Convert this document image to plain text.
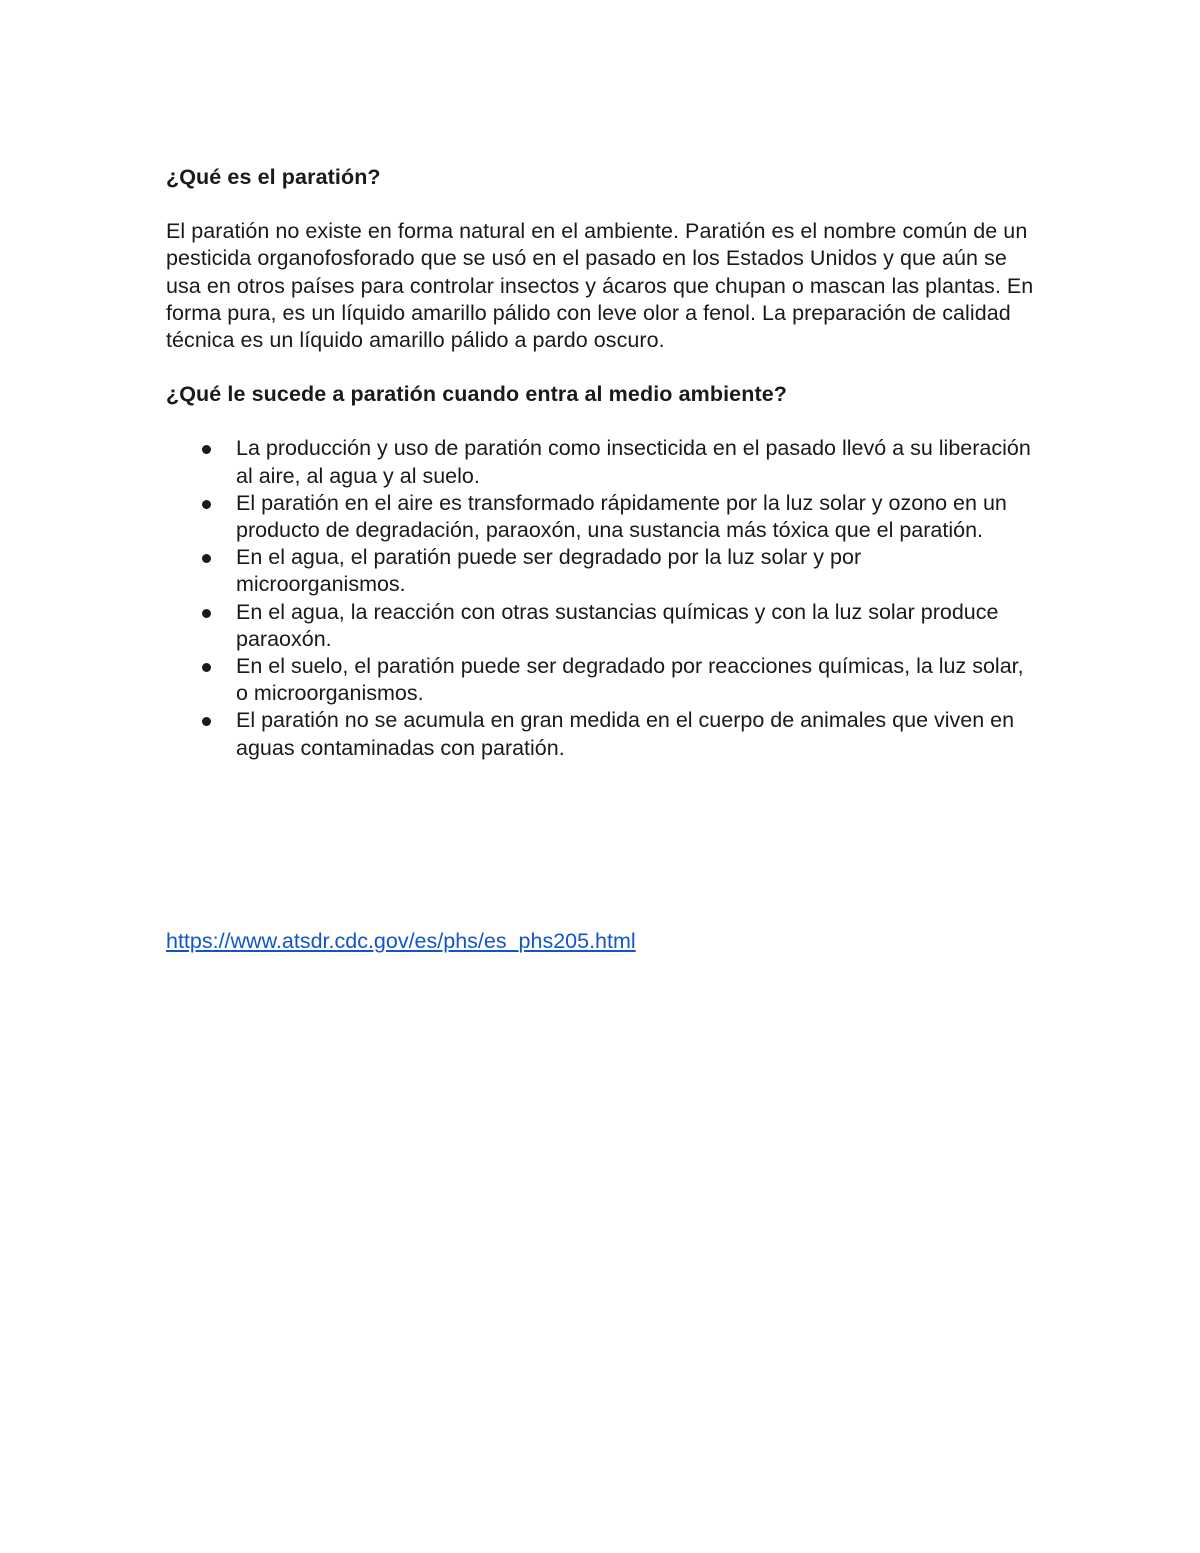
¿Qué es el paratión?

El paratión no existe en forma natural en el ambiente. Paratión es el nombre común de un pesticida organofosforado que se usó en el pasado en los Estados Unidos y que aún se usa en otros países para controlar insectos y ácaros que chupan o mascan las plantas. En forma pura, es un líquido amarillo pálido con leve olor a fenol. La preparación de calidad técnica es un líquido amarillo pálido a pardo oscuro.

¿Qué le sucede a paratión cuando entra al medio ambiente?
La producción y uso de paratión como insecticida en el pasado llevó a su liberación al aire, al agua y al suelo.
El paratión en el aire es transformado rápidamente por la luz solar y ozono en un producto de degradación, paraoxón, una sustancia más tóxica que el paratión.
En el agua, el paratión puede ser degradado por la luz solar y por microorganismos.
En el agua, la reacción con otras sustancias químicas y con la luz solar produce paraoxón.
En el suelo, el paratión puede ser degradado por reacciones químicas, la luz solar, o microorganismos.
El paratión no se acumula en gran medida en el cuerpo de animales que viven en aguas contaminadas con paratión.
https://www.atsdr.cdc.gov/es/phs/es_phs205.html
